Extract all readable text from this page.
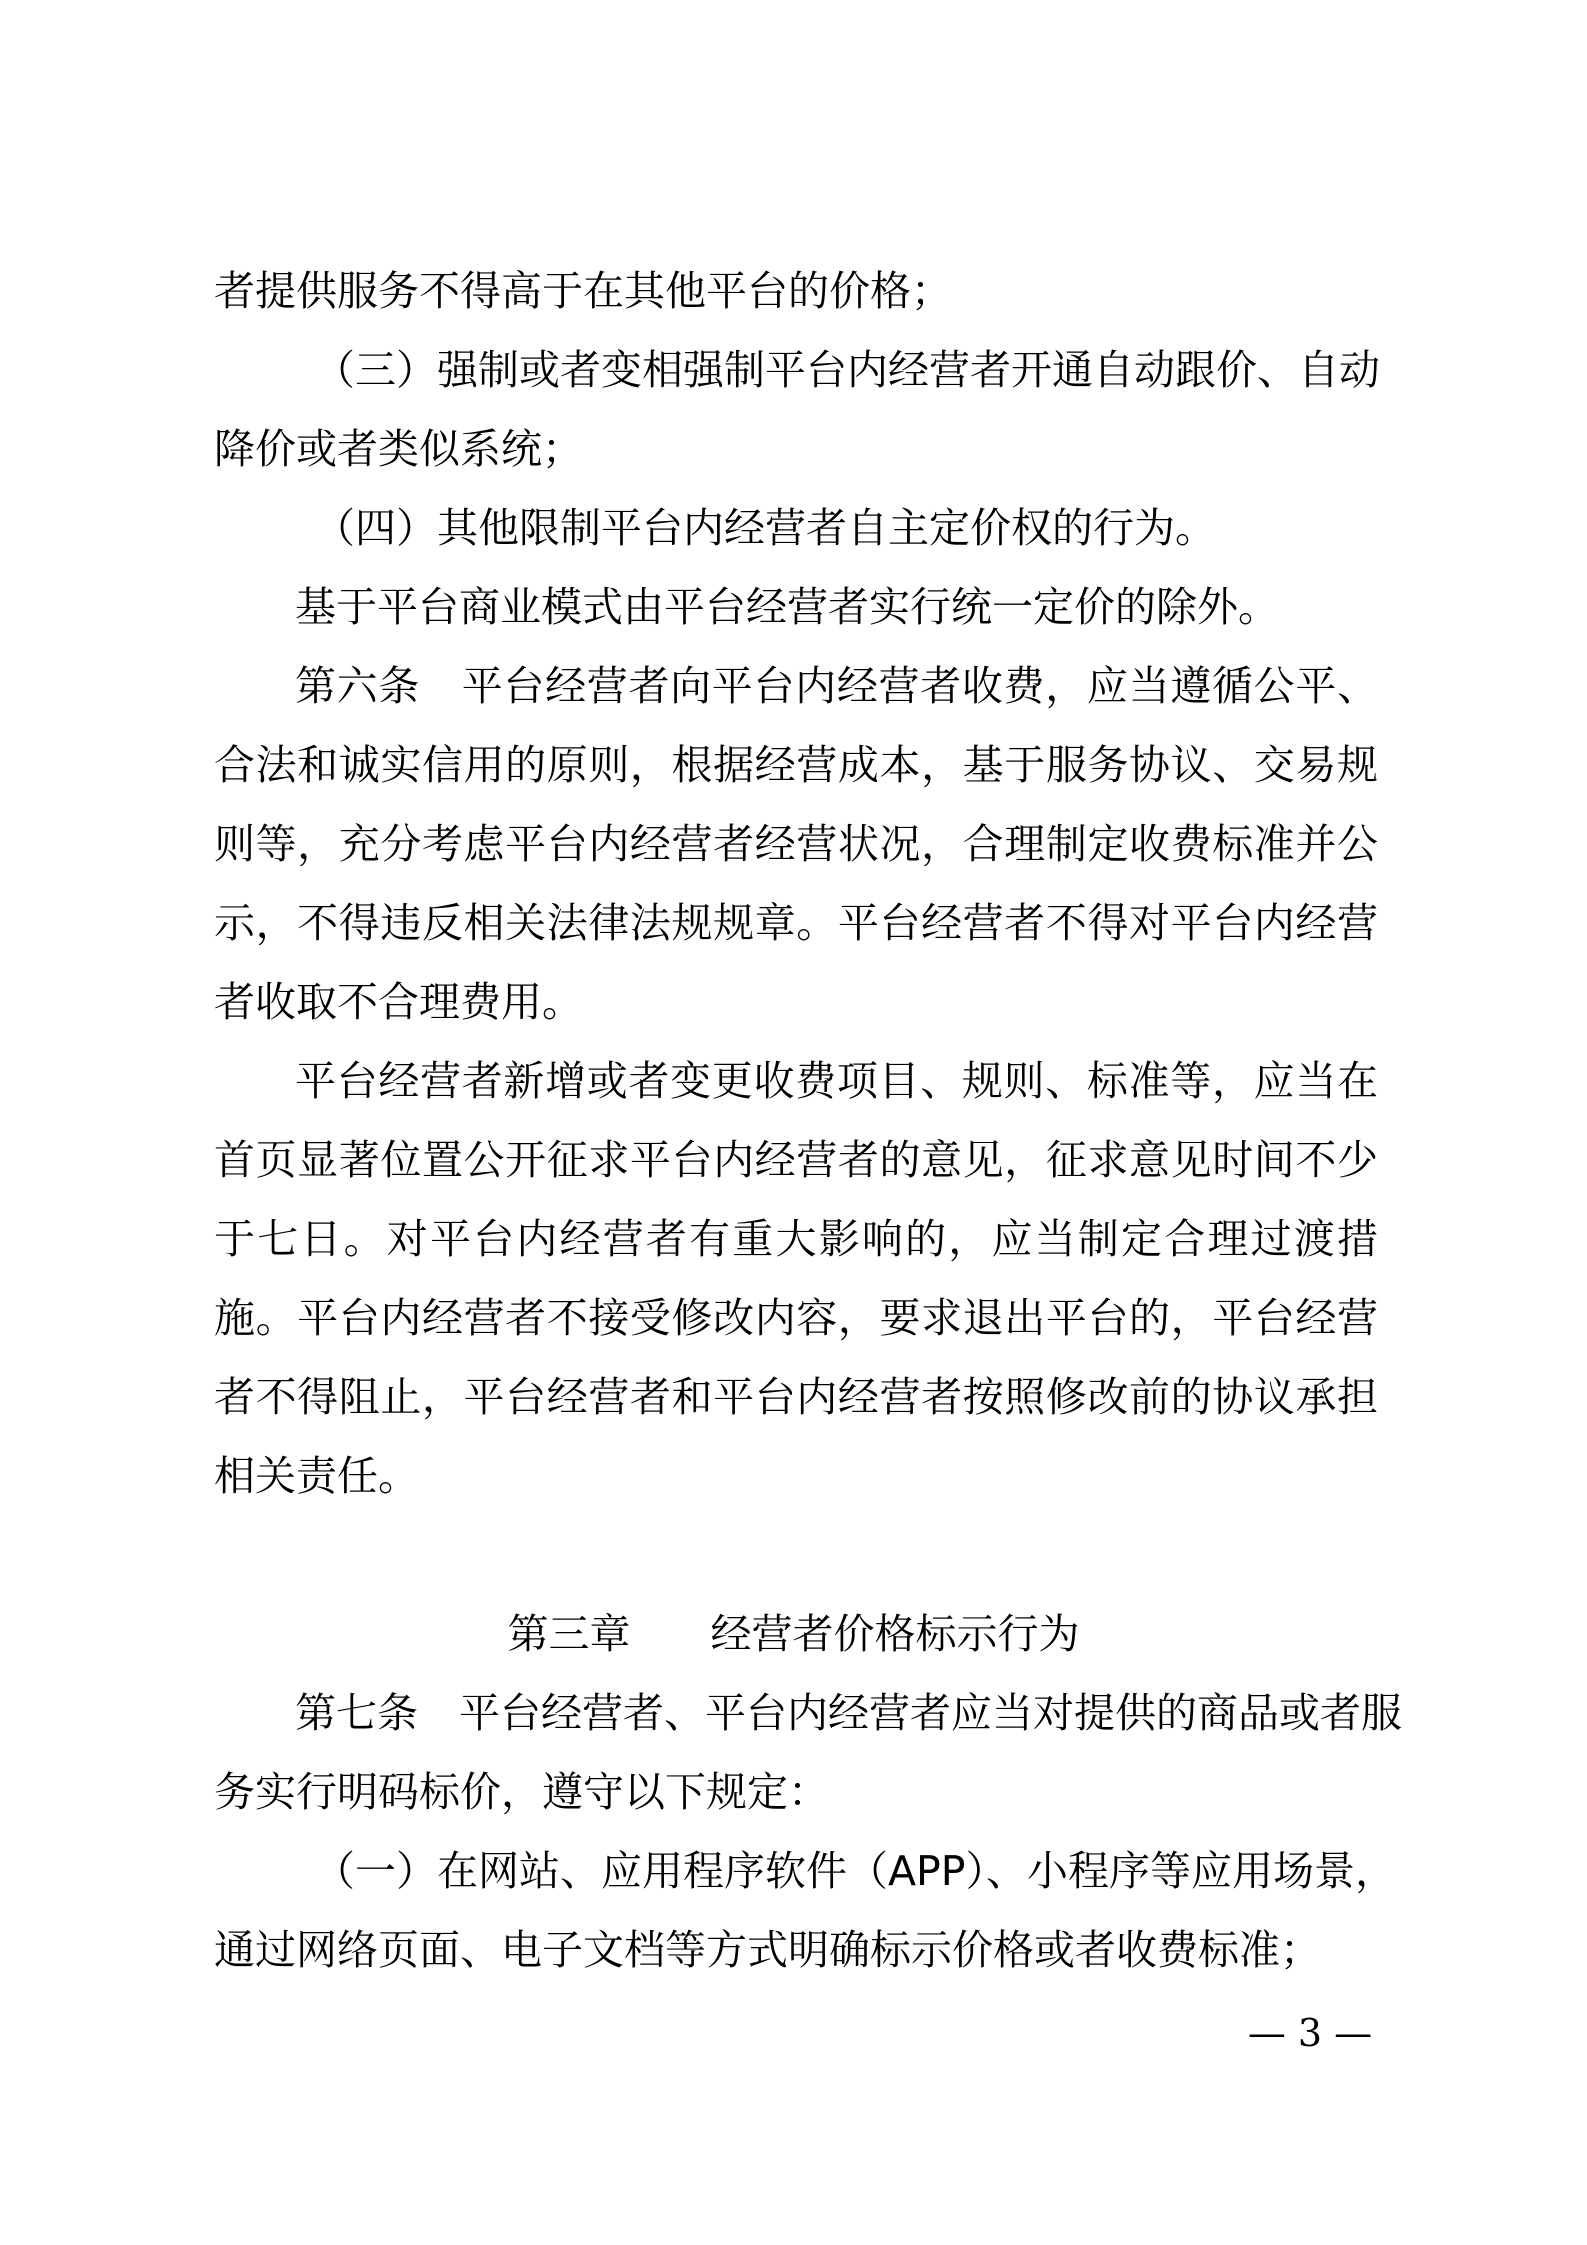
者提供服务不得高于在其他平台的价格；
（三）强制或者变相强制平台内经营者开通自动跟价、自动
降价或者类似系统；
（四）其他限制平台内经营者自主定价权的行为。
基于平台商业模式由平台经营者实行统一定价的除外。
第六条　平台经营者向平台内经营者收费，应当遵循公平、
合法和诚实信用的原则，根据经营成本，基于服务协议、交易规
则等，充分考虑平台内经营者经营状况，合理制定收费标准并公
示，不得违反相关法律法规规章。平台经营者不得对平台内经营
者收取不合理费用。
平台经营者新增或者变更收费项目、规则、标准等，应当在
首页显著位置公开征求平台内经营者的意见，征求意见时间不少
于七日。对平台内经营者有重大影响的，应当制定合理过渡措
施。平台内经营者不接受修改内容，要求退出平台的，平台经营
者不得阻止，平台经营者和平台内经营者按照修改前的协议承担
相关责任。
第三章 经营者价格标示行为
第七条　平台经营者、平台内经营者应当对提供的商品或者服
务实行明码标价，遵守以下规定：
（一）在网站、应用程序软件（APP）、小程序等应用场景，
通过网络页面、电子文档等方式明确标示价格或者收费标准；
— 3 —
